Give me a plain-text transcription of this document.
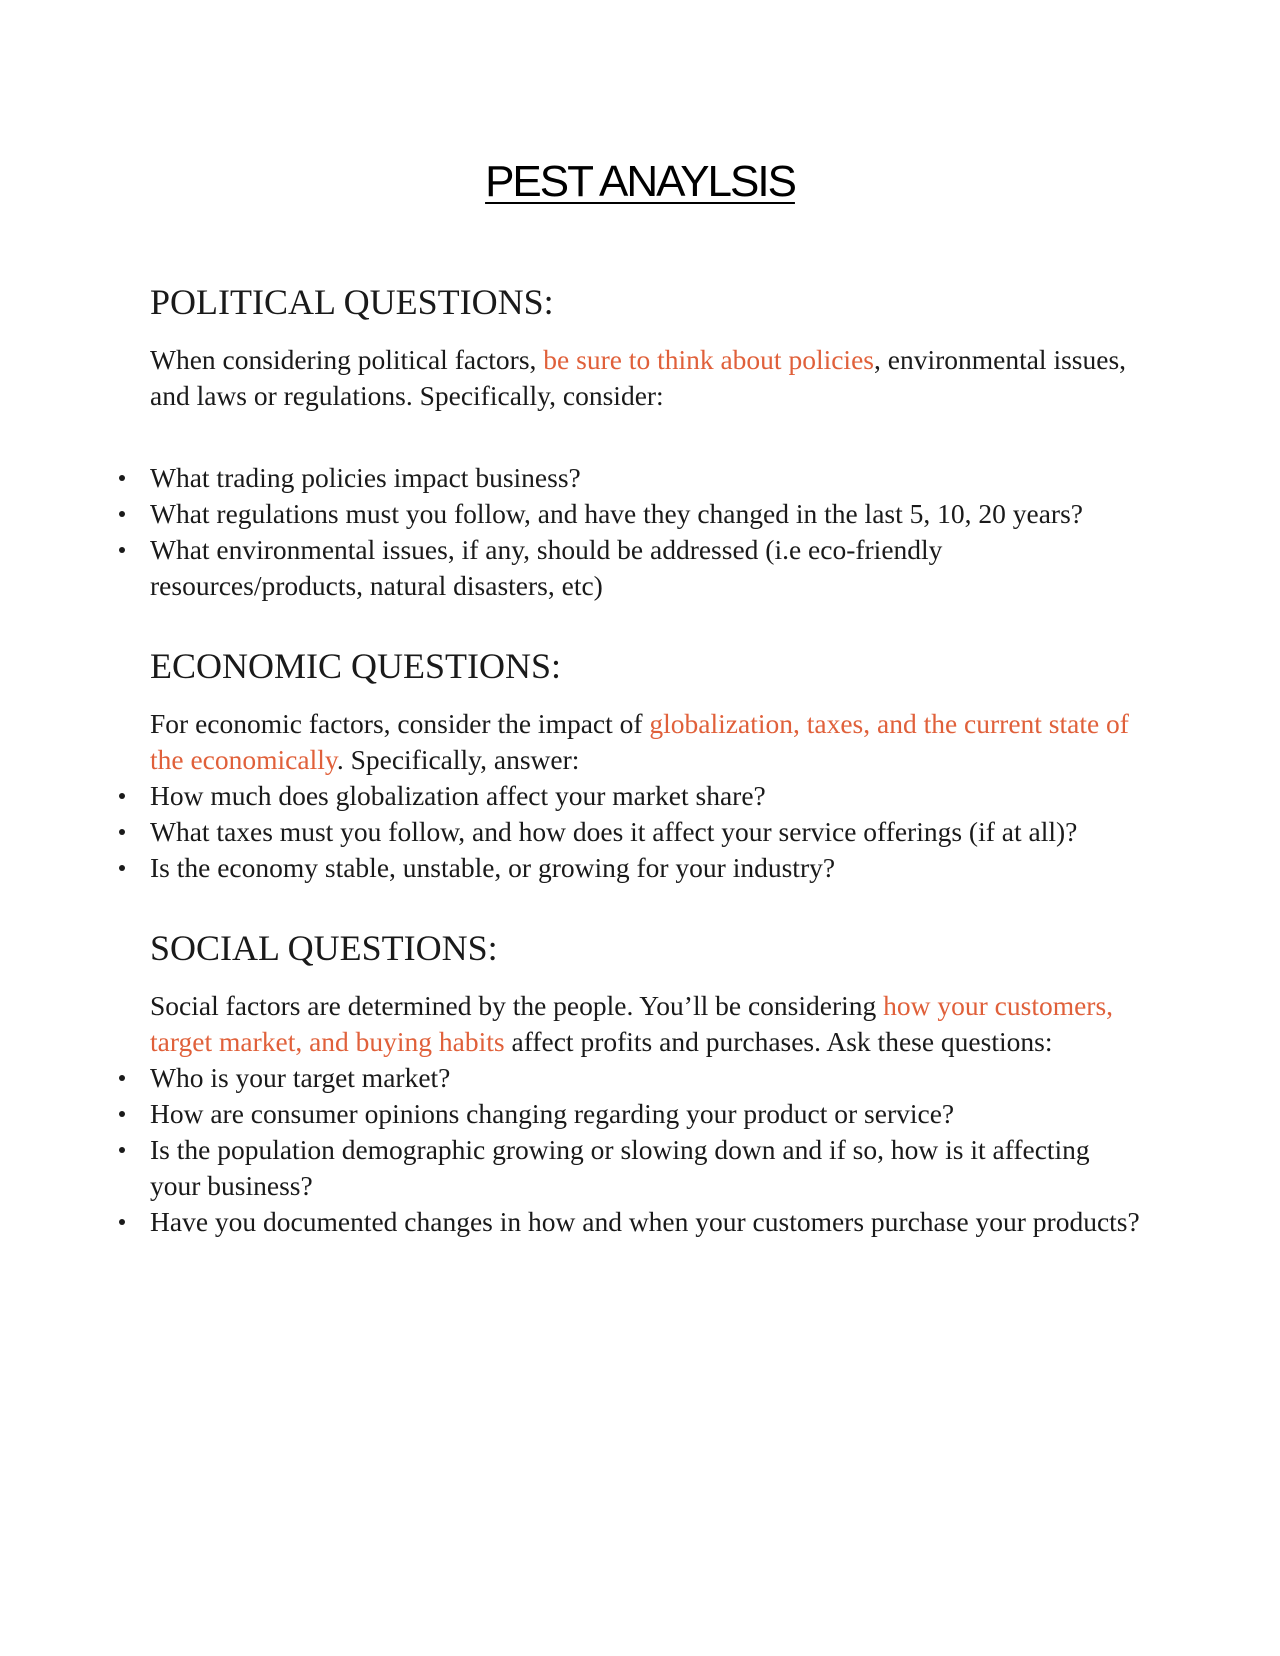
PEST ANAYLSIS
POLITICAL QUESTIONS:

When considering political factors, be sure to think about policies, environmental issues, and laws or regulations. Specifically, consider:

What trading policies impact business?
What regulations must you follow, and have they changed in the last 5, 10, 20 years?
What environmental issues, if any, should be addressed (i.e eco-friendly resources/products, natural disasters, etc)
ECONOMIC QUESTIONS:

For economic factors, consider the impact of globalization, taxes, and the current state of the economically. Specifically, answer:

How much does globalization affect your market share?
What taxes must you follow, and how does it affect your service offerings (if at all)?
Is the economy stable, unstable, or growing for your industry?
SOCIAL QUESTIONS:

Social factors are determined by the people. You’ll be considering how your customers, target market, and buying habits affect profits and purchases. Ask these questions:

Who is your target market?
How are consumer opinions changing regarding your product or service?
Is the population demographic growing or slowing down and if so, how is it affecting your business?
Have you documented changes in how and when your customers purchase your products?
